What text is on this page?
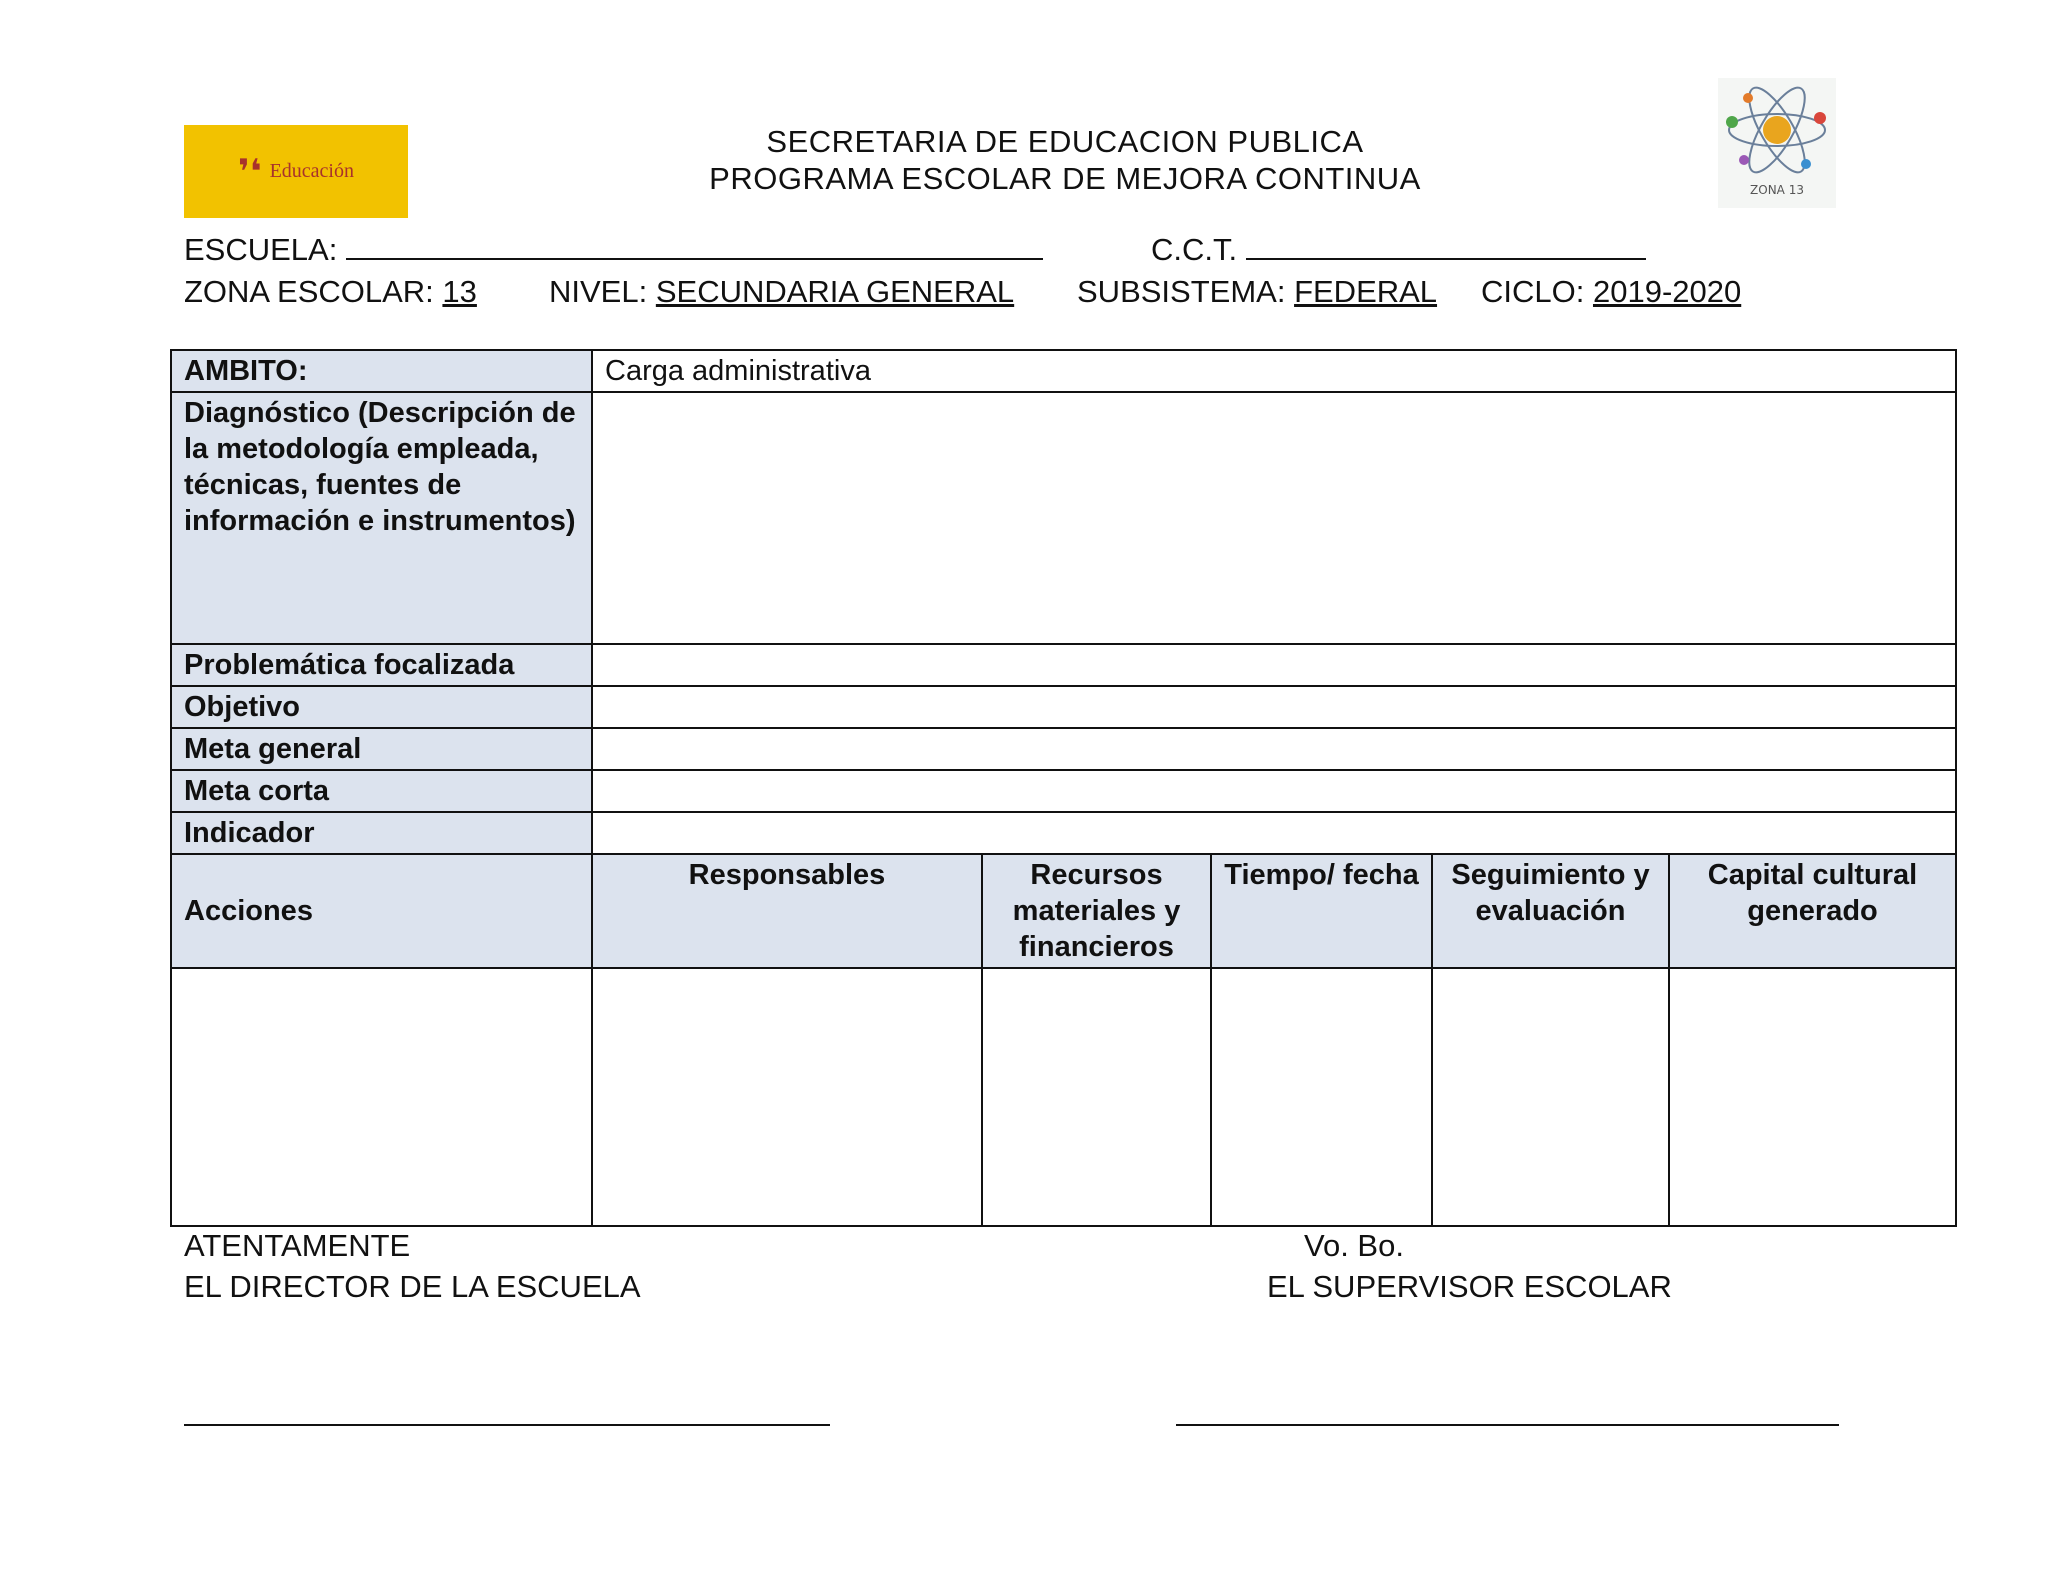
❜❛ Educación
ZONA 13
SECRETARIA DE EDUCACION PUBLICA
PROGRAMA ESCOLAR DE MEJORA CONTINUA
ESCUELA:	C.C.T.
ZONA ESCOLAR: 13 NIVEL: SECUNDARIA GENERAL SUBSISTEMA: FEDERAL CICLO: 2019-2020
AMBITO:	Carga administrativa				
Diagnóstico (Descripción de la metodología empleada, técnicas, fuentes de información e instrumentos)					
Problemática focalizada					
Objetivo					
Meta general					
Meta corta					
Indicador					
Acciones	Responsables	Recursos materiales y financieros	Tiempo/ fecha	Seguimiento y evaluación	Capital cultural generado

ATENTAMENTE
EL DIRECTOR DE LA ESCUELA
Vo. Bo.
EL SUPERVISOR ESCOLAR
